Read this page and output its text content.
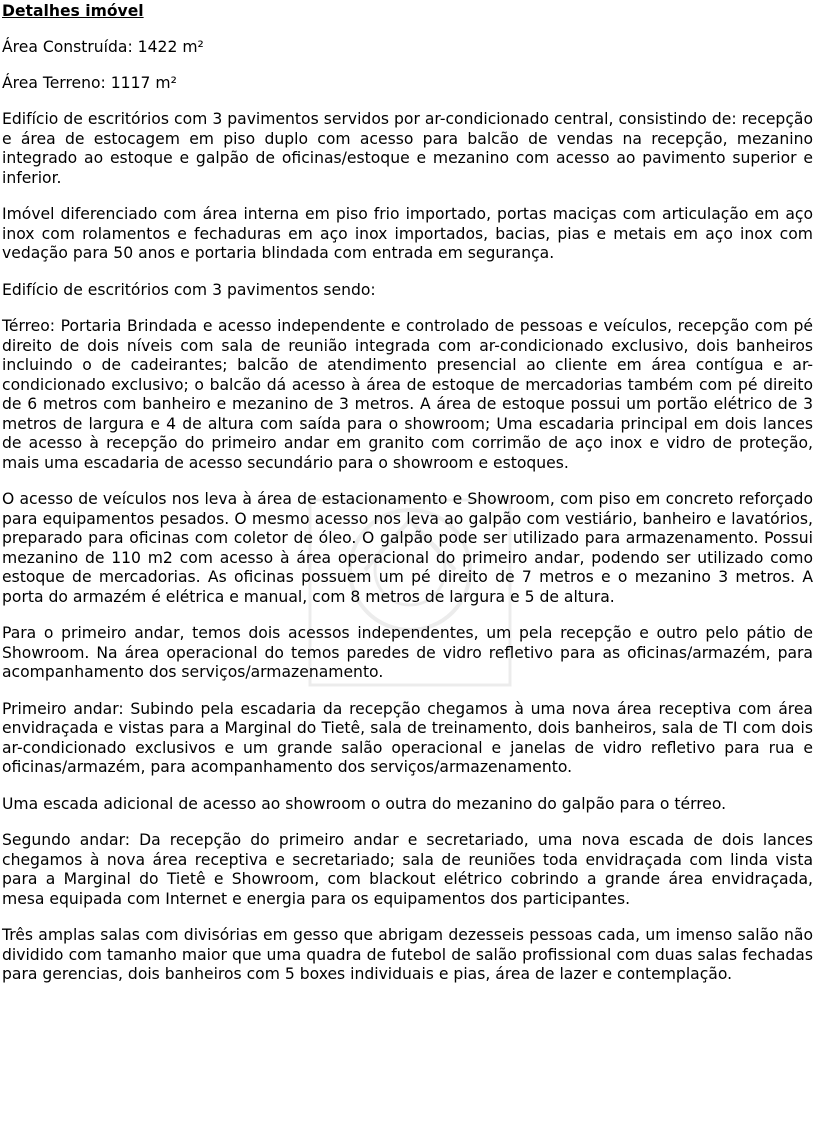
Detalhes imóvel
Área Construída: 1422 m²
Área Terreno: 1117 m²

Edifício de escritórios com 3 pavimentos servidos por ar-condicionado central, consistindo de: recepção e área de estocagem em piso duplo com acesso para balcão de vendas na recepção, mezanino integrado ao estoque e galpão de oficinas/estoque e mezanino com acesso ao pavimento superior e inferior.

Imóvel diferenciado com área interna em piso frio importado, portas maciças com articulação em aço inox com rolamentos e fechaduras em aço inox importados, bacias, pias e metais em aço inox com vedação para 50 anos e portaria blindada com entrada em segurança.

Edifício de escritórios com 3 pavimentos sendo:

Térreo: Portaria Brindada e acesso independente e controlado de pessoas e veículos, recepção com pé direito de dois níveis com sala de reunião integrada com ar-condicionado exclusivo, dois banheiros incluindo o de cadeirantes; balcão de atendimento presencial ao cliente em área contígua e ar-condicionado exclusivo; o balcão dá acesso à área de estoque de mercadorias também com pé direito de 6 metros com banheiro e mezanino de 3 metros. A área de estoque possui um portão elétrico de 3 metros de largura e 4 de altura com saída para o showroom; Uma escadaria principal em dois lances de acesso à recepção do primeiro andar em granito com corrimão de aço inox e vidro de proteção, mais uma escadaria de acesso secundário para o showroom e estoques.

O acesso de veículos nos leva à área de estacionamento e Showroom, com piso em concreto reforçado para equipamentos pesados. O mesmo acesso nos leva ao galpão com vestiário, banheiro e lavatórios, preparado para oficinas com coletor de óleo. O galpão pode ser utilizado para armazenamento. Possui mezanino de 110 m2 com acesso à área operacional do primeiro andar, podendo ser utilizado como estoque de mercadorias. As oficinas possuem um pé direito de 7 metros e o mezanino 3 metros. A porta do armazém é elétrica e manual, com 8 metros de largura e 5 de altura.

Para o primeiro andar, temos dois acessos independentes, um pela recepção e outro pelo pátio de Showroom. Na área operacional do temos paredes de vidro refletivo para as oficinas/armazém, para acompanhamento dos serviços/armazenamento.

Primeiro andar: Subindo pela escadaria da recepção chegamos à uma nova área receptiva com área envidraçada e vistas para a Marginal do Tietê, sala de treinamento, dois banheiros, sala de TI com dois ar-condicionado exclusivos e um grande salão operacional e janelas de vidro refletivo para rua e oficinas/armazém, para acompanhamento dos serviços/armazenamento.

Uma escada adicional de acesso ao showroom o outra do mezanino do galpão para o térreo.

Segundo andar: Da recepção do primeiro andar e secretariado, uma nova escada de dois lances chegamos à nova área receptiva e secretariado; sala de reuniões toda envidraçada com linda vista para a Marginal do Tietê e Showroom, com blackout elétrico cobrindo a grande área envidraçada, mesa equipada com Internet e energia para os equipamentos dos participantes.

Três amplas salas com divisórias em gesso que abrigam dezesseis pessoas cada, um imenso salão não dividido com tamanho maior que uma quadra de futebol de salão profissional com duas salas fechadas para gerencias, dois banheiros com 5 boxes individuais e pias, área de lazer e contemplação.
